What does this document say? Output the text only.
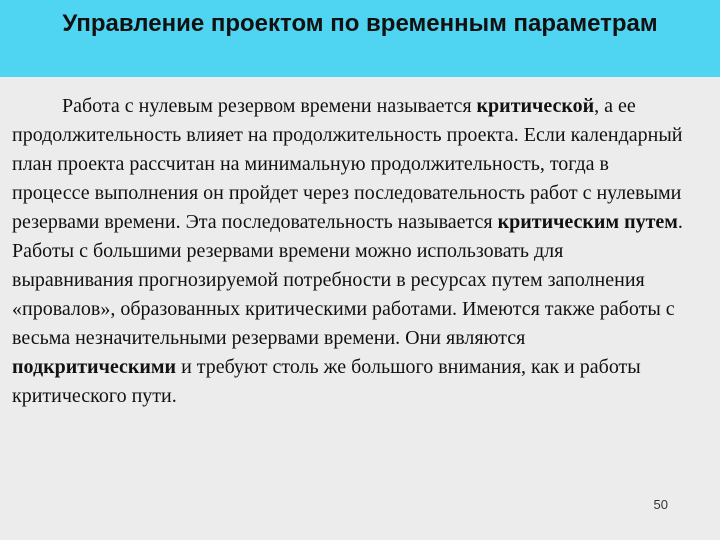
Управление проектом по временным параметрам

Работа с нулевым резервом времени называется критической, а ее продолжительность влияет на продолжительность проекта. Если календарный план проекта рассчитан на минимальную продолжительность, тогда в процессе выполнения он пройдет через последовательность работ с нулевыми резервами времени. Эта последовательность называется критическим путем. Работы с большими резервами времени можно использовать для выравнивания прогнозируемой потребности в ресурсах путем заполнения «провалов», образованных критическими работами. Имеются также работы с весьма незначительными резервами времени. Они являются подкритическими и требуют столь же большого внимания, как и работы критического пути.

50
